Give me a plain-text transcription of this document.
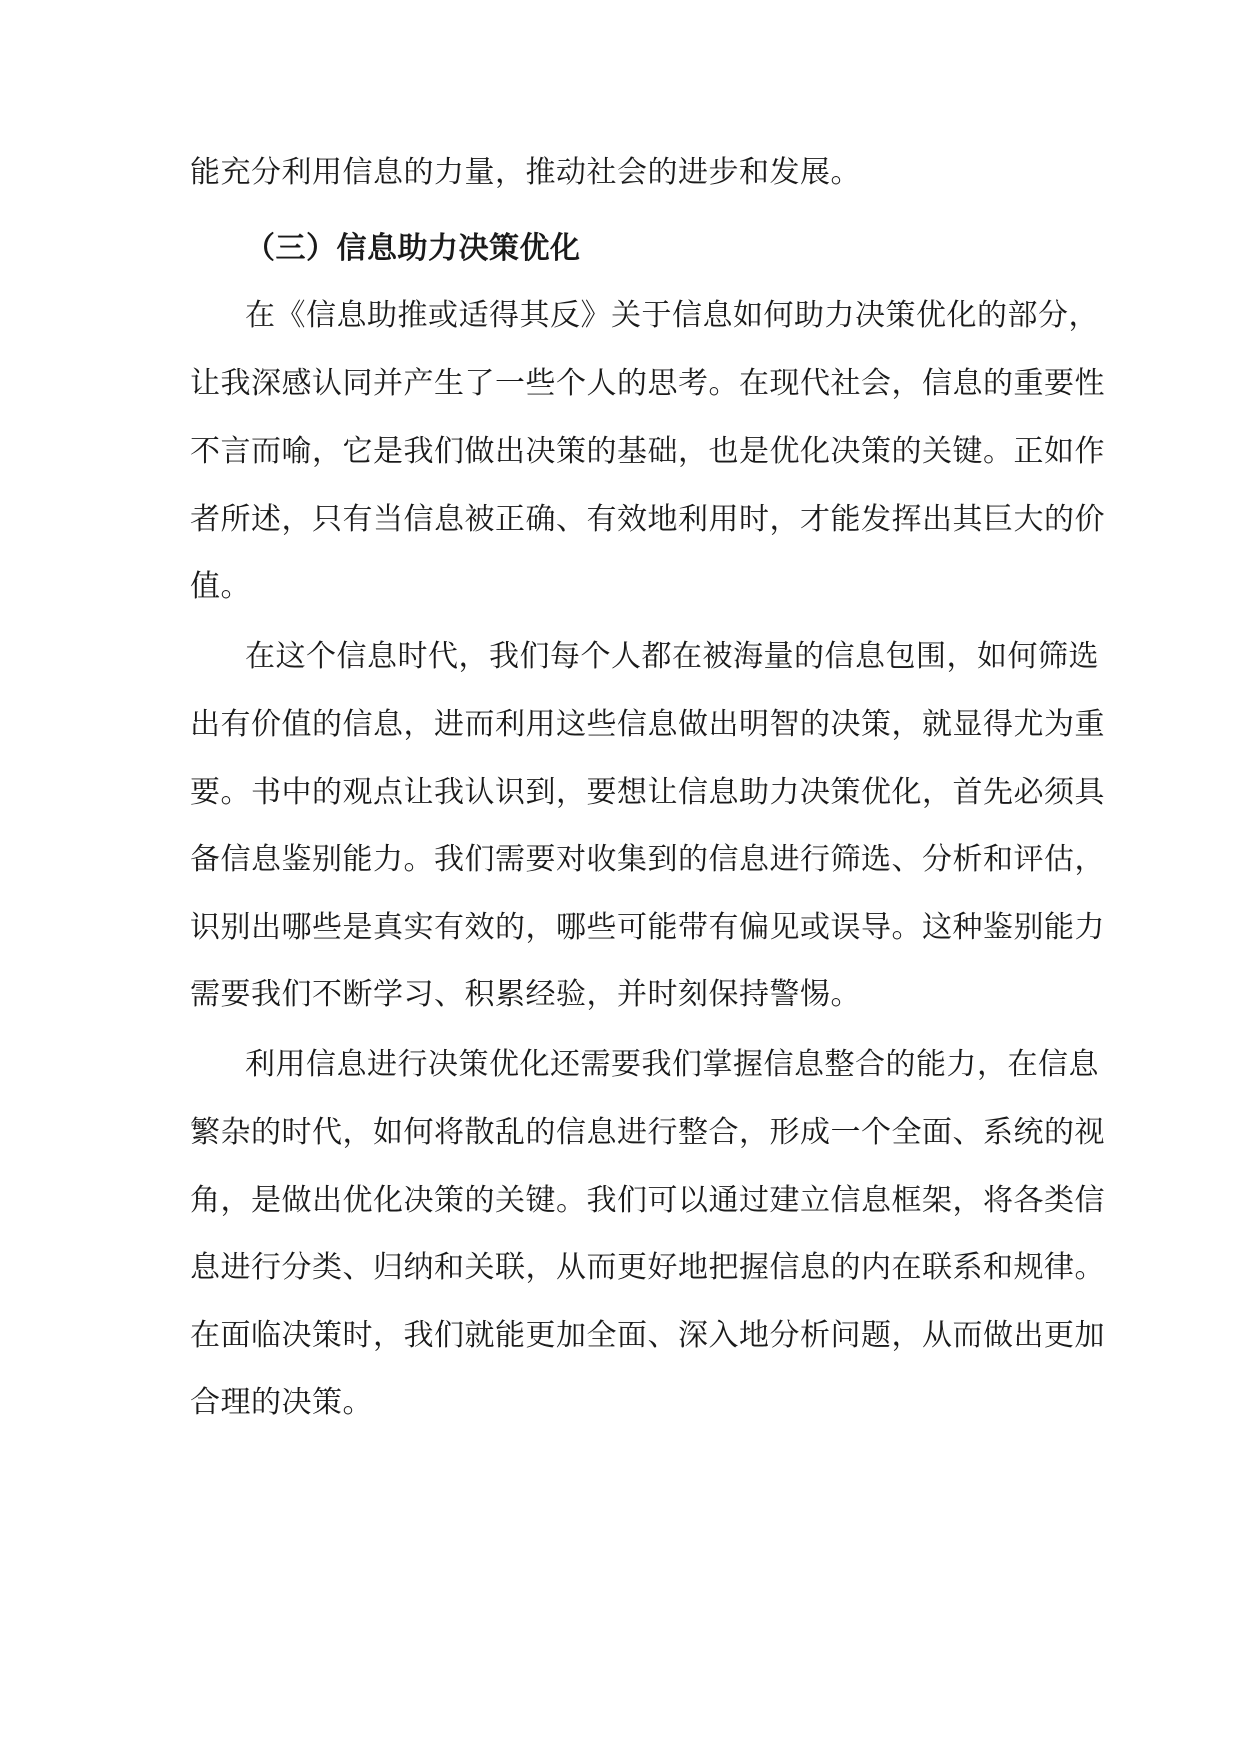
能充分利用信息的力量，推动社会的进步和发展。
（三）信息助力决策优化
在《信息助推或适得其反》关于信息如何助力决策优化的部分，
让我深感认同并产生了一些个人的思考。在现代社会，信息的重要性
不言而喻，它是我们做出决策的基础，也是优化决策的关键。正如作
者所述，只有当信息被正确、有效地利用时，才能发挥出其巨大的价
值。
在这个信息时代，我们每个人都在被海量的信息包围，如何筛选
出有价值的信息，进而利用这些信息做出明智的决策，就显得尤为重
要。书中的观点让我认识到，要想让信息助力决策优化，首先必须具
备信息鉴别能力。我们需要对收集到的信息进行筛选、分析和评估，
识别出哪些是真实有效的，哪些可能带有偏见或误导。这种鉴别能力
需要我们不断学习、积累经验，并时刻保持警惕。
利用信息进行决策优化还需要我们掌握信息整合的能力，在信息
繁杂的时代，如何将散乱的信息进行整合，形成一个全面、系统的视
角，是做出优化决策的关键。我们可以通过建立信息框架，将各类信
息进行分类、归纳和关联，从而更好地把握信息的内在联系和规律。
在面临决策时，我们就能更加全面、深入地分析问题，从而做出更加
合理的决策。
